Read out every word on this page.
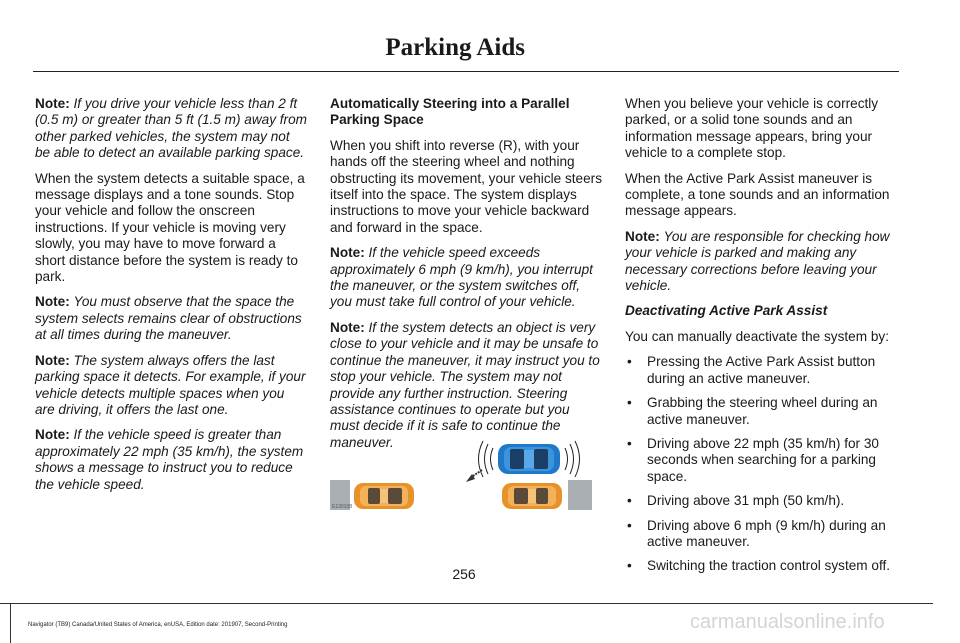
Parking Aids

Note: If you drive your vehicle less than 2 ft (0.5 m) or greater than 5 ft (1.5 m) away from other parked vehicles, the system may not be able to detect an available parking space.

When the system detects a suitable space, a message displays and a tone sounds. Stop your vehicle and follow the onscreen instructions. If your vehicle is moving very slowly, you may have to move forward a short distance before the system is ready to park.

Note: You must observe that the space the system selects remains clear of obstructions at all times during the maneuver.

Note: The system always offers the last parking space it detects. For example, if your vehicle detects multiple spaces when you are driving, it offers the last one.

Note: If the vehicle speed is greater than approximately 22 mph (35 km/h), the system shows a message to instruct you to reduce the vehicle speed.

Automatically Steering into a Parallel Parking Space

When you shift into reverse (R), with your hands off the steering wheel and nothing obstructing its movement, your vehicle steers itself into the space. The system displays instructions to move your vehicle backward and forward in the space.

Note: If the vehicle speed exceeds approximately 6 mph (9 km/h), you interrupt the maneuver, or the system switches off, you must take full control of your vehicle.

Note: If the system detects an object is very close to your vehicle and it may be unsafe to continue the maneuver, it may instruct you to stop your vehicle. The system may not provide any further instruction. Steering assistance continues to operate but you must decide if it is safe to continue the maneuver.

E130108

When you believe your vehicle is correctly parked, or a solid tone sounds and an information message appears, bring your vehicle to a complete stop.

When the Active Park Assist maneuver is complete, a tone sounds and an information message appears.

Note: You are responsible for checking how your vehicle is parked and making any necessary corrections before leaving your vehicle.

Deactivating Active Park Assist

You can manually deactivate the system by:

• Pressing the Active Park Assist button during an active maneuver.
• Grabbing the steering wheel during an active maneuver.
• Driving above 22 mph (35 km/h) for 30 seconds when searching for a parking space.
• Driving above 31 mph (50 km/h).
• Driving above 6 mph (9 km/h) during an active maneuver.
• Switching the traction control system off.
256
Navigator (TB9) Canada/United States of America, enUSA, Edition date: 201907, Second-Printing	carmanualsonline.info
